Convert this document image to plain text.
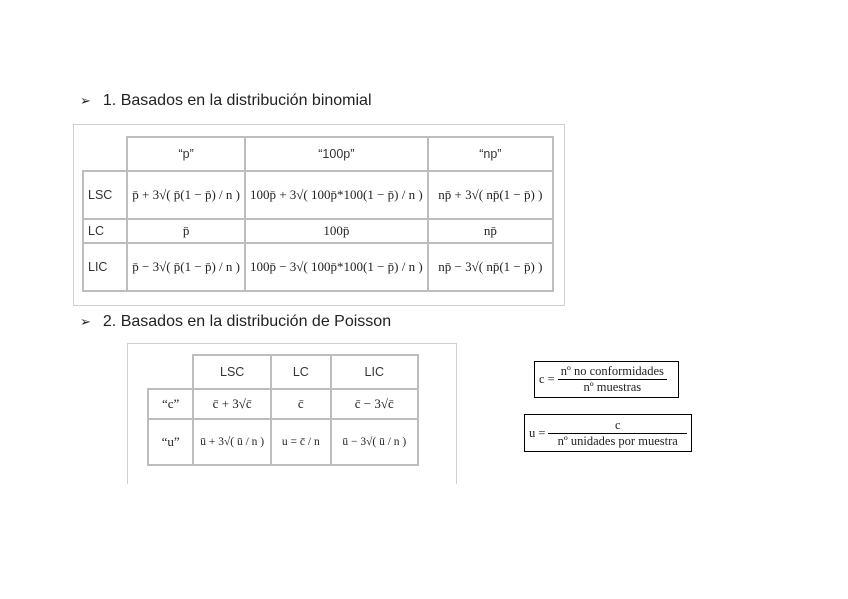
➢ 1. Basados en la distribución binomial
	“p”	“100p”	“np”
LSC	p̄ + 3√( p̄(1 − p̄) / n )	100p̄ + 3√( 100p̄*100(1 − p̄) / n )	np̄ + 3√( np̄(1 − p̄) )
LC	p̄	100p̄	np̄
LIC	p̄ − 3√( p̄(1 − p̄) / n )	100p̄ − 3√( 100p̄*100(1 − p̄) / n )	np̄ − 3√( np̄(1 − p̄) )
➢ 2. Basados en la distribución de Poisson
	LSC	LC	LIC
“c”	c̄ + 3√c̄	c̄	c̄ − 3√c̄
“u”	ū + 3√( ū / n )	u = c̄ / n	ū − 3√( ū / n )
$c = \frac{\text{nº no conformidades}}{\text{nº muestras}}$
$u = \frac{c}{\text{nº unidades por muestra}}$
